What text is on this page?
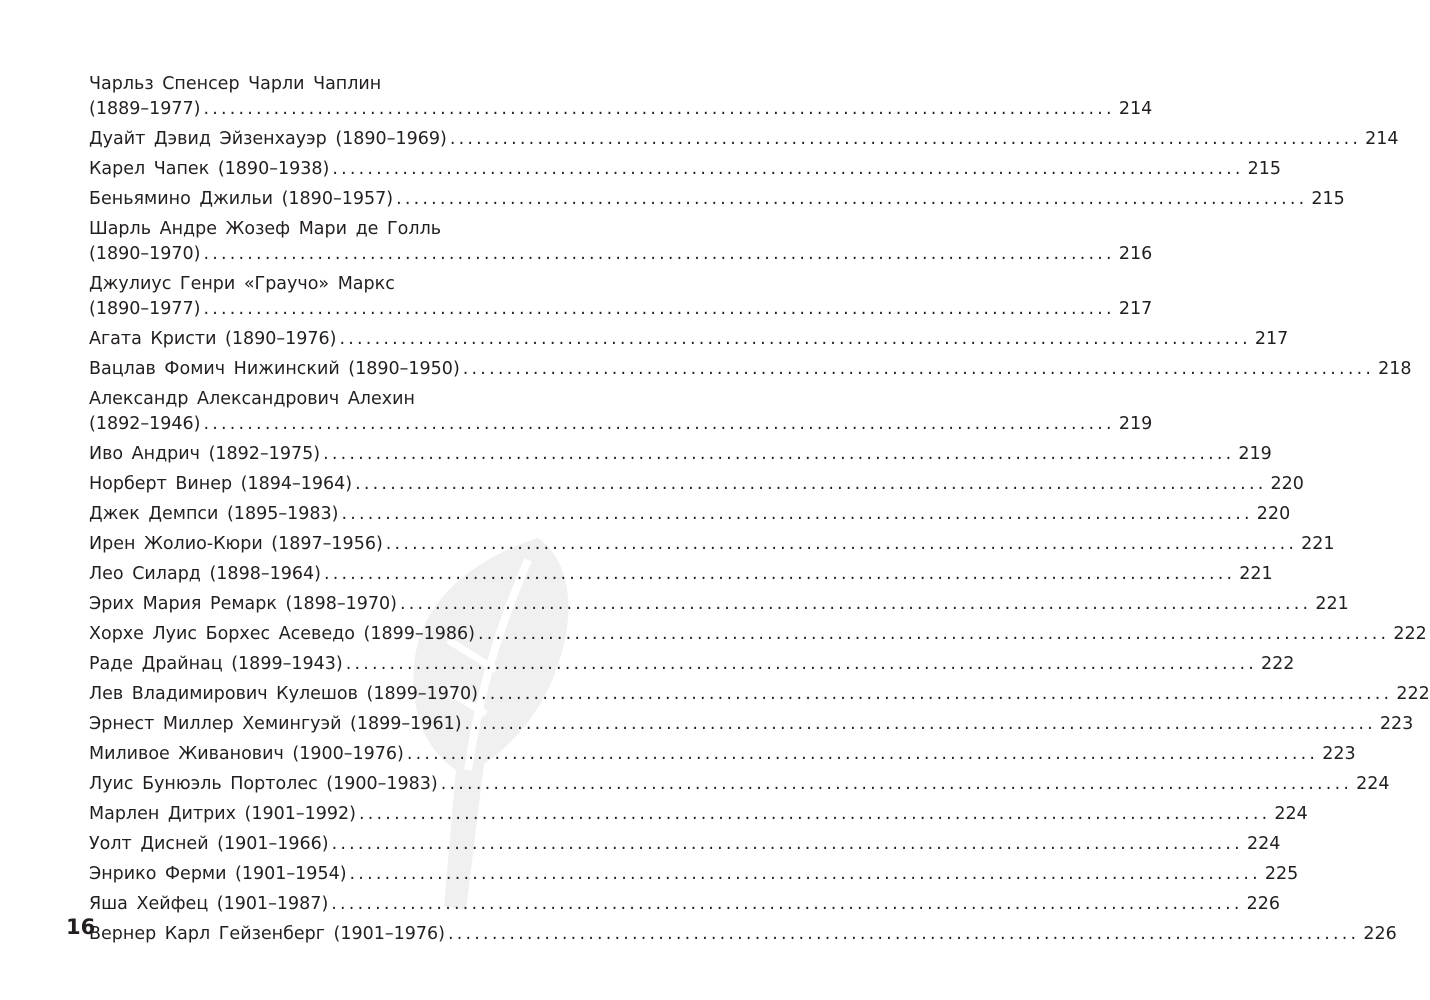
Чарльз Спенсер Чарли Чаплин
(1889–1977) ........................................................................................................ 214
Дуайт Дэвид Эйзенхауэр (1890–1969) ........................................................................................................ 214
Карел Чапек (1890–1938) ........................................................................................................ 215
Беньямино Джильи (1890–1957) ........................................................................................................ 215
Шарль Андре Жозеф Мари де Голль
(1890–1970) ........................................................................................................ 216
Джулиус Генри «Граучо» Маркс
(1890–1977) ........................................................................................................ 217
Агата Кристи (1890–1976) ........................................................................................................ 217
Вацлав Фомич Нижинский (1890–1950) ........................................................................................................ 218
Александр Александрович Алехин
(1892–1946) ........................................................................................................ 219
Иво Андрич (1892–1975) ........................................................................................................ 219
Норберт Винер (1894–1964) ........................................................................................................ 220
Джек Демпси (1895–1983) ........................................................................................................ 220
Ирен Жолио-Кюри (1897–1956) ........................................................................................................ 221
Лео Силард (1898–1964) ........................................................................................................ 221
Эрих Мария Ремарк (1898–1970) ........................................................................................................ 221
Хорхе Луис Борхес Асеведо (1899–1986) ........................................................................................................ 222
Раде Драйнац (1899–1943) ........................................................................................................ 222
Лев Владимирович Кулешов (1899–1970) ........................................................................................................ 222
Эрнест Миллер Хемингуэй (1899–1961) ........................................................................................................ 223
Миливое Живанович (1900–1976) ........................................................................................................ 223
Луис Бунюэль Портолес (1900–1983) ........................................................................................................ 224
Марлен Дитрих (1901–1992) ........................................................................................................ 224
Уолт Дисней (1901–1966) ........................................................................................................ 224
Энрико Ферми (1901–1954) ........................................................................................................ 225
Яша Хейфец (1901–1987) ........................................................................................................ 226
Вернер Карл Гейзенберг (1901–1976) ........................................................................................................ 226
16
